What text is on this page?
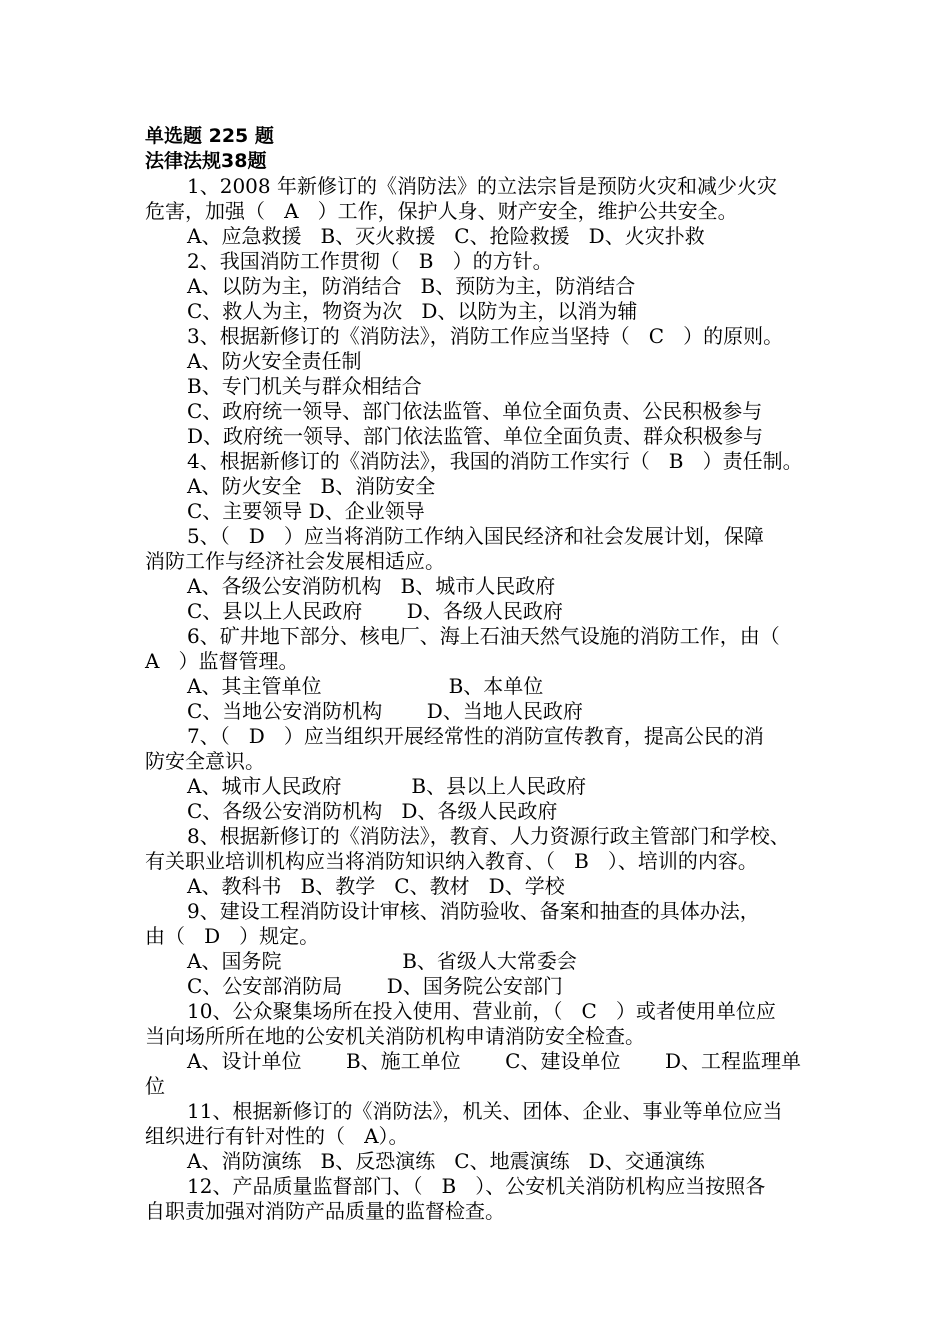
单选题 225 题
法律法规38题
1、2008 年新修订的《消防法》的立法宗旨是预防火灾和减少火灾
危害，加强（   A   ）工作，保护人身、财产安全，维护公共安全。
A、应急救援   B、灭火救援   C、抢险救援   D、火灾扑救
2、我国消防工作贯彻（   B   ）的方针。
A、以防为主，防消结合   B、预防为主，防消结合
C、救人为主，物资为次   D、以防为主，以消为辅
3、根据新修订的《消防法》，消防工作应当坚持（   C   ）的原则。
A、防火安全责任制
B、专门机关与群众相结合
C、政府统一领导、部门依法监管、单位全面负责、公民积极参与
D、政府统一领导、部门依法监管、单位全面负责、群众积极参与
4、根据新修订的《消防法》，我国的消防工作实行（   B   ）责任制。
A、防火安全   B、消防安全
C、主要领导 D、企业领导
5、（   D   ）应当将消防工作纳入国民经济和社会发展计划，保障
消防工作与经济社会发展相适应。
A、各级公安消防机构   B、城市人民政府
C、县以上人民政府       D、各级人民政府
6、矿井地下部分、核电厂、海上石油天然气设施的消防工作，由（
A   ）监督管理。
A、其主管单位                    B、本单位
C、当地公安消防机构       D、当地人民政府
7、（   D   ）应当组织开展经常性的消防宣传教育，提高公民的消
防安全意识。
A、城市人民政府           B、县以上人民政府
C、各级公安消防机构   D、各级人民政府
8、根据新修订的《消防法》，教育、人力资源行政主管部门和学校、
有关职业培训机构应当将消防知识纳入教育、（   B   ）、培训的内容。
A、教科书   B、教学   C、教材   D、学校
9、建设工程消防设计审核、消防验收、备案和抽查的具体办法，
由（   D   ）规定。
A、国务院                   B、省级人大常委会
C、公安部消防局       D、国务院公安部门
10、公众聚集场所在投入使用、营业前，（   C   ）或者使用单位应
当向场所所在地的公安机关消防机构申请消防安全检查。
A、设计单位       B、施工单位       C、建设单位       D、工程监理单
位
11、根据新修订的《消防法》，机关、团体、企业、事业等单位应当
组织进行有针对性的（   A）。
A、消防演练   B、反恐演练   C、地震演练   D、交通演练
12、产品质量监督部门、（   B   ）、公安机关消防机构应当按照各
自职责加强对消防产品质量的监督检查。
